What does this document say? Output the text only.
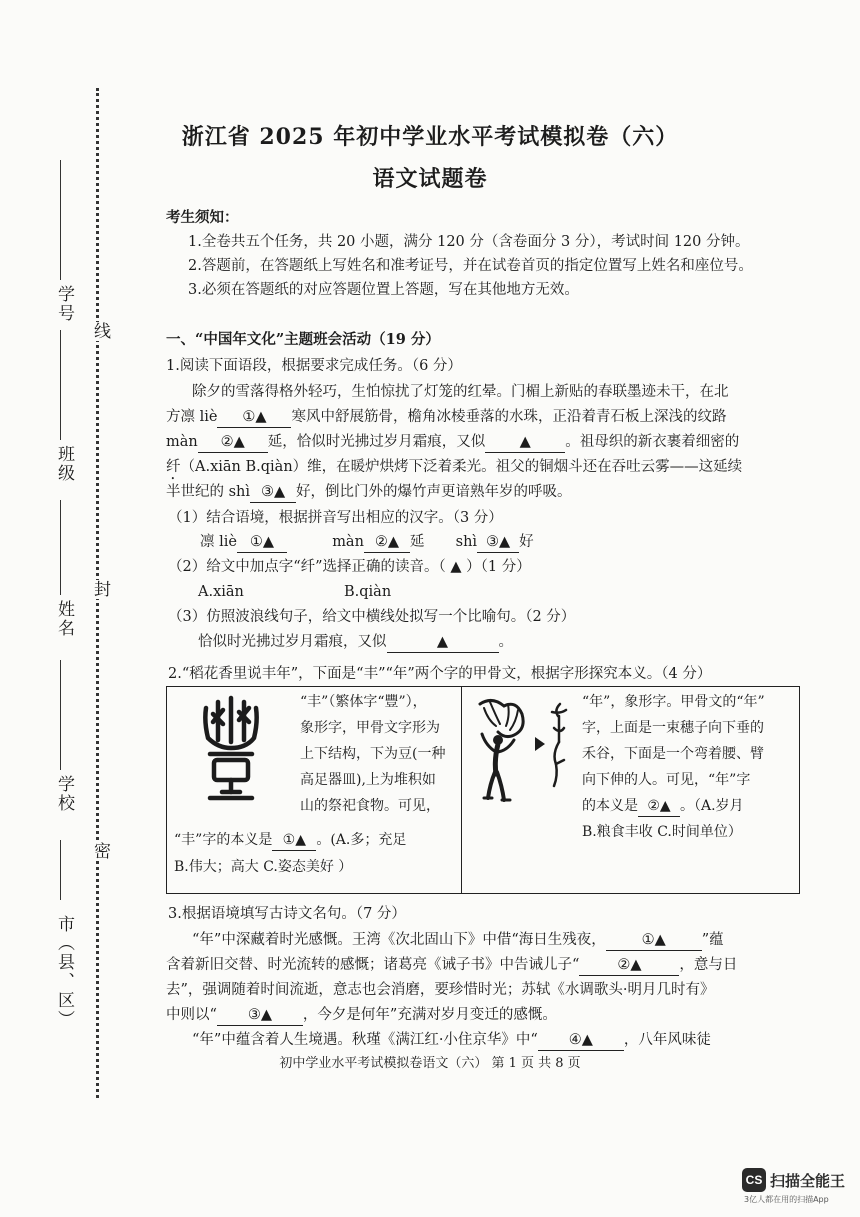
线
封
密
学号
班级
姓名
学校
市（县、区）
浙江省 2025 年初中学业水平考试模拟卷（六）
语文试题卷
考生须知：
1.全卷共五个任务，共 20 小题，满分 120 分（含卷面分 3 分），考试时间 120 分钟。
2.答题前，在答题纸上写姓名和准考证号，并在试卷首页的指定位置写上姓名和座位号。
3.必须在答题纸的对应答题位置上答题，写在其他地方无效。
一、“中国年文化”主题班会活动（19 分）
1.阅读下面语段，根据要求完成任务。（6 分）
除夕的雪落得格外轻巧，生怕惊扰了灯笼的红晕。门楣上新贴的春联墨迹未干，在北
方凛 liè ①▲ 寒风中舒展筋骨，檐角冰棱垂落的水珠，正沿着青石板上深浅的纹路
màn ②▲ 延，恰似时光拂过岁月霜痕，又似 ▲ 。祖母织的新衣裹着细密的
纤（A.xiān B.qiàn）维，在暖炉烘烤下泛着柔光。祖父的铜烟斗还在吞吐云雾——这延续
半世纪的 shì ③▲ 好，倒比门外的爆竹声更谙熟年岁的呼吸。
（1）结合语境，根据拼音写出相应的汉字。（3 分）
凛 liè ①▲	màn ②▲ 延 shì ③▲ 好
（2）给文中加点字“纤”选择正确的读音。（ ▲ ）（1 分）
A.xiān	B.qiàn
（3）仿照波浪线句子，给文中横线处拟写一个比喻句。（2 分）
恰似时光拂过岁月霜痕，又似	▲	。
2.“稻花香里说丰年”，下面是“丰”“年”两个字的甲骨文，根据字形探究本义。（4 分）
“丰”（繁体字“豐”），
象形字，甲骨文字形为
上下结构，下为豆(一种
高足器皿),上为堆积如
山的祭祀食物。可见，
“丰”字的本义是 ①▲ 。(A.多；充足
B.伟大；高大 C.姿态美好 ）
“年”，象形字。甲骨文的“年”
字，上面是一束穗子向下垂的
禾谷，下面是一个弯着腰、臂
向下伸的人。可见，“年”字
的本义是 ②▲ 。（A.岁月
B.粮食丰收 C.时间单位）
3.根据语境填写古诗文名句。（7 分）
“年”中深藏着时光感慨。王湾《次北固山下》中借“海日生残夜， ①▲ ”蕴
含着新旧交替、时光流转的感慨；诸葛亮《诫子书》中告诫儿子“	②▲	，意与日
去”，强调随着时间流逝，意志也会消磨，要珍惜时光；苏轼《水调歌头·明月几时有》
中则以“ ③▲ ，今夕是何年”充满对岁月变迁的感慨。
“年”中蕴含着人生境遇。秋瑾《满江红·小住京华》中“ ④▲ ，八年风味徒
初中学业水平考试模拟卷语文（六） 第 1 页 共 8 页
CS 扫描全能王
3亿人都在用的扫描App
